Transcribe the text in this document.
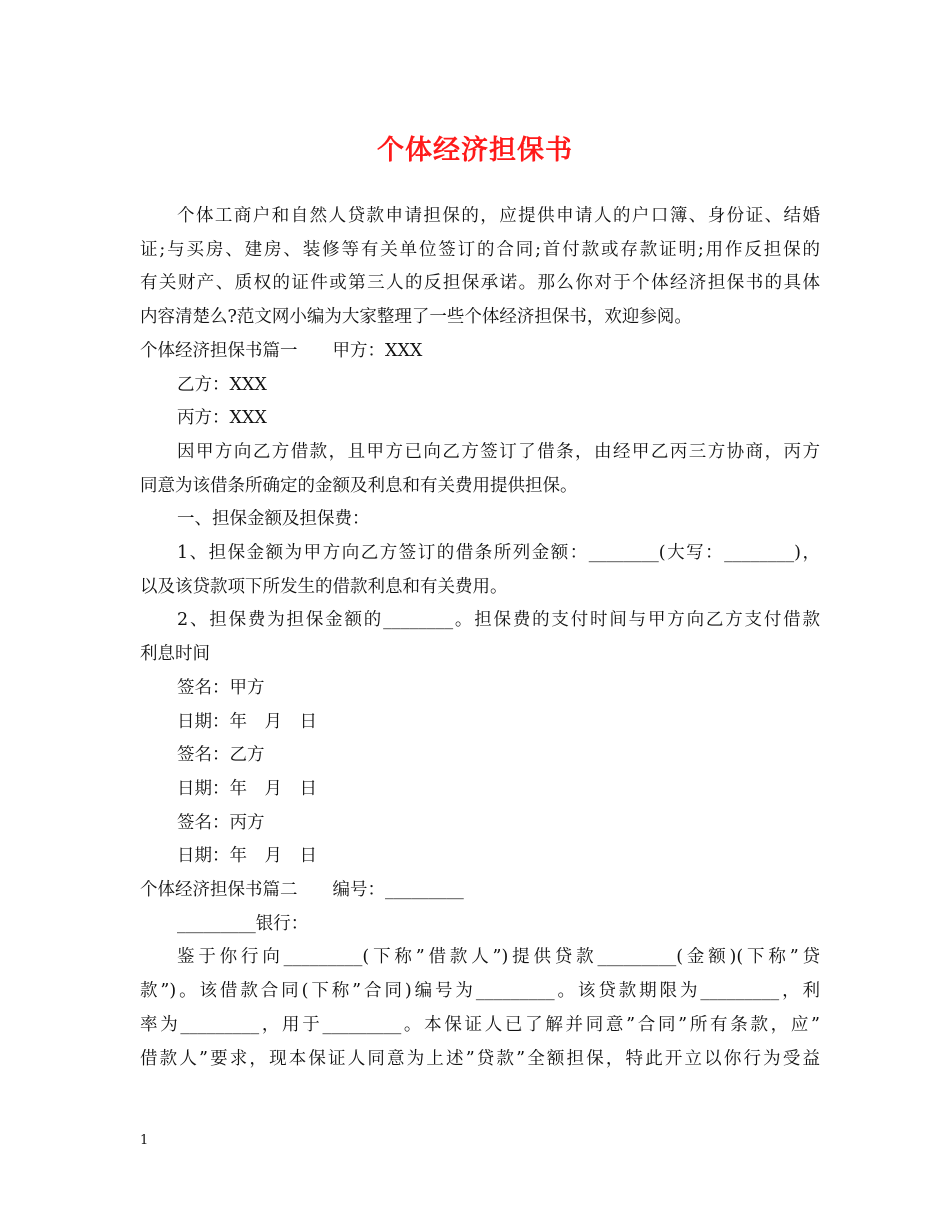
个体经济担保书
个体工商户和自然人贷款申请担保的，应提供申请人的户口簿、身份证、结婚
证;与买房、建房、装修等有关单位签订的合同;首付款或存款证明;用作反担保的
有关财产、质权的证件或第三人的反担保承诺。那么你对于个体经济担保书的具体
内容清楚么?范文网小编为大家整理了一些个体经济担保书，欢迎参阅。
个体经济担保书篇一　　甲方：XXX
乙方：XXX
丙方：XXX
因甲方向乙方借款，且甲方已向乙方签订了借条，由经甲乙丙三方协商，丙方
同意为该借条所确定的金额及利息和有关费用提供担保。
一、担保金额及担保费：
1、担保金额为甲方向乙方签订的借条所列金额：________(大写：________)，
以及该贷款项下所发生的借款利息和有关费用。
2、担保费为担保金额的________。担保费的支付时间与甲方向乙方支付借款
利息时间
签名：甲方
日期：年　月　日
签名：乙方
日期：年　月　日
签名：丙方
日期：年　月　日
个体经济担保书篇二　　编号：_________
_________银行：
鉴于你行向_________(下称”借款人”)提供贷款_________(金额)(下称”贷
款”)。该借款合同(下称”合同)编号为_________。该贷款期限为_________，利
率为_________，用于_________。本保证人已了解并同意”合同”所有条款，应”
借款人”要求，现本保证人同意为上述”贷款”全额担保，特此开立以你行为受益
1
